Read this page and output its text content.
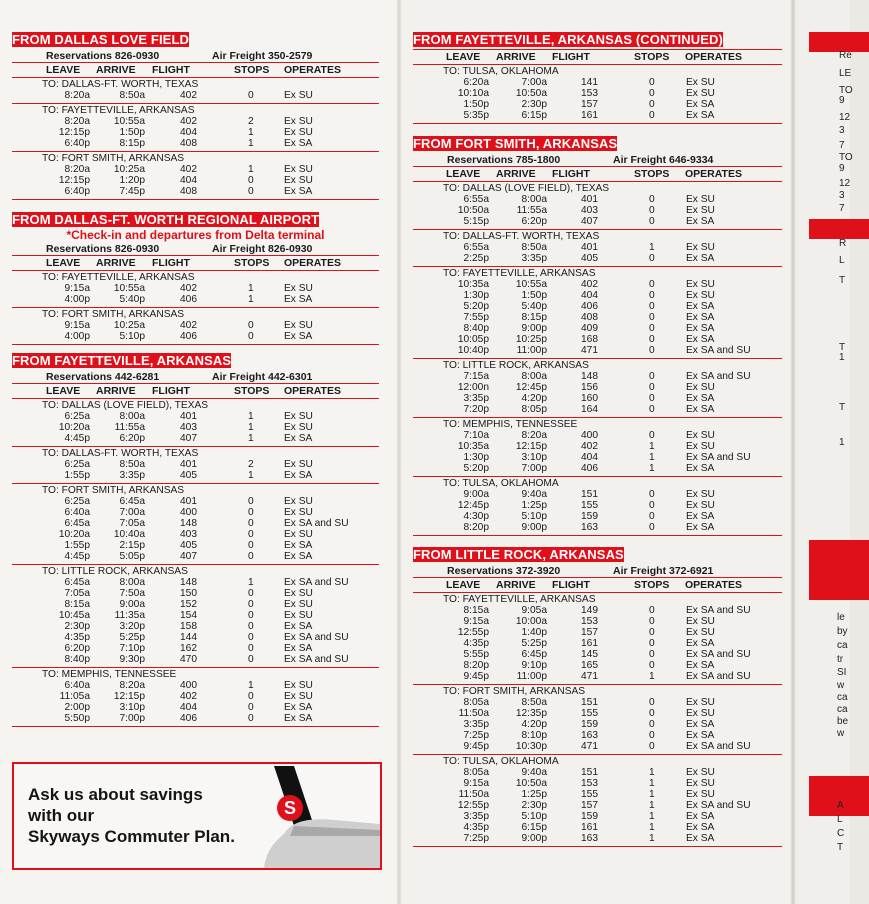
FROM DALLAS LOVE FIELD
Reservations 826-0930	Air Freight 350-2579
LEAVE ARRIVE FLIGHT	STOPS OPERATES
TO: DALLAS-FT. WORTH, TEXAS
8:20a	8:50a	402	0	Ex SU
TO: FAYETTEVILLE, ARKANSAS
8:20a	10:55a	402	2	Ex SU
12:15p	1:50p	404	1	Ex SU
6:40p	8:15p	408	1	Ex SA
TO: FORT SMITH, ARKANSAS
8:20a	10:25a	402	1	Ex SU
12:15p	1:20p	404	0	Ex SU
6:40p	7:45p	408	0	Ex SA
FROM DALLAS-FT. WORTH REGIONAL AIRPORT
*Check-in and departures from Delta terminal
Reservations 826-0930	Air Freight 826-0930
LEAVE ARRIVE FLIGHT	STOPS OPERATES
TO: FAYETTEVILLE, ARKANSAS
9:15a	10:55a	402	1	Ex SU
4:00p	5:40p	406	1	Ex SA
TO: FORT SMITH, ARKANSAS
9:15a	10:25a	402	0	Ex SU
4:00p	5:10p	406	0	Ex SA
FROM FAYETTEVILLE, ARKANSAS
Reservations 442-6281	Air Freight 442-6301
LEAVE ARRIVE FLIGHT	STOPS OPERATES
TO: DALLAS (LOVE FIELD), TEXAS
6:25a	8:00a	401	1	Ex SU
10:20a	11:55a	403	1	Ex SU
4:45p	6:20p	407	1	Ex SA
TO: DALLAS-FT. WORTH, TEXAS
6:25a	8:50a	401	2	Ex SU
1:55p	3:35p	405	1	Ex SA
TO: FORT SMITH, ARKANSAS
6:25a	6:45a	401	0	Ex SU
6:40a	7:00a	400	0	Ex SU
6:45a	7:05a	148	0	Ex SA and SU
10:20a	10:40a	403	0	Ex SU
1:55p	2:15p	405	0	Ex SA
4:45p	5:05p	407	0	Ex SA
TO: LITTLE ROCK, ARKANSAS
6:45a	8:00a	148	1	Ex SA and SU
7:05a	7:50a	150	0	Ex SU
8:15a	9:00a	152	0	Ex SU
10:45a	11:35a	154	0	Ex SU
2:30p	3:20p	158	0	Ex SA
4:35p	5:25p	144	0	Ex SA and SU
6:20p	7:10p	162	0	Ex SA
8:40p	9:30p	470	0	Ex SA and SU
TO: MEMPHIS, TENNESSEE
6:40a	8:20a	400	1	Ex SU
11:05a	12:15p	402	0	Ex SU
2:00p	3:10p	404	0	Ex SA
5:50p	7:00p	406	0	Ex SA
FROM FAYETTEVILLE, ARKANSAS (CONTINUED)
LEAVE ARRIVE FLIGHT	STOPS OPERATES
TO: TULSA, OKLAHOMA
6:20a	7:00a	141	0	Ex SU
10:10a	10:50a	153	0	Ex SU
1:50p	2:30p	157	0	Ex SA
5:35p	6:15p	161	0	Ex SA
FROM FORT SMITH, ARKANSAS
Reservations 785-1800	Air Freight 646-9334
LEAVE ARRIVE FLIGHT	STOPS OPERATES
TO: DALLAS (LOVE FIELD), TEXAS
6:55a	8:00a	401	0	Ex SU
10:50a	11:55a	403	0	Ex SU
5:15p	6:20p	407	0	Ex SA
TO: DALLAS-FT. WORTH, TEXAS
6:55a	8:50a	401	1	Ex SU
2:25p	3:35p	405	0	Ex SA
TO: FAYETTEVILLE, ARKANSAS
10:35a	10:55a	402	0	Ex SU
1:30p	1:50p	404	0	Ex SU
5:20p	5:40p	406	0	Ex SA
7:55p	8:15p	408	0	Ex SA
8:40p	9:00p	409	0	Ex SA
10:05p	10:25p	168	0	Ex SA
10:40p	11:00p	471	0	Ex SA and SU
TO: LITTLE ROCK, ARKANSAS
7:15a	8:00a	148	0	Ex SA and SU
12:00n	12:45p	156	0	Ex SU
3:35p	4:20p	160	0	Ex SA
7:20p	8:05p	164	0	Ex SA
TO: MEMPHIS, TENNESSEE
7:10a	8:20a	400	0	Ex SU
10:35a	12:15p	402	1	Ex SU
1:30p	3:10p	404	1	Ex SA and SU
5:20p	7:00p	406	1	Ex SA
TO: TULSA, OKLAHOMA
9:00a	9:40a	151	0	Ex SU
12:45p	1:25p	155	0	Ex SU
4:30p	5:10p	159	0	Ex SA
8:20p	9:00p	163	0	Ex SA
FROM LITTLE ROCK, ARKANSAS
Reservations 372-3920	Air Freight 372-6921
LEAVE ARRIVE FLIGHT	STOPS OPERATES
TO: FAYETTEVILLE, ARKANSAS
8:15a	9:05a	149	0	Ex SA and SU
9:15a	10:00a	153	0	Ex SU
12:55p	1:40p	157	0	Ex SU
4:35p	5:25p	161	0	Ex SA
5:55p	6:45p	145	0	Ex SA and SU
8:20p	9:10p	165	0	Ex SA
9:45p	11:00p	471	1	Ex SA and SU
TO: FORT SMITH, ARKANSAS
8:05a	8:50a	151	0	Ex SU
11:50a	12:35p	155	0	Ex SU
3:35p	4:20p	159	0	Ex SA
7:25p	8:10p	163	0	Ex SA
9:45p	10:30p	471	0	Ex SA and SU
TO: TULSA, OKLAHOMA
8:05a	9:40a	151	1	Ex SU
9:15a	10:50a	153	1	Ex SU
11:50a	1:25p	155	1	Ex SU
12:55p	2:30p	157	1	Ex SA and SU
3:35p	5:10p	159	1	Ex SA
4:35p	6:15p	161	1	Ex SA
7:25p	9:00p	163	1	Ex SA
Re
LE
TO
9
12
3
7
TO
9
12
3
7
R
L
T
T
1
T
1
le
by
ca
tr
SI
w
ca
ca
be
w
A
L
C
T
Ask us about savings
with our
Skyways Commuter Plan.
S
